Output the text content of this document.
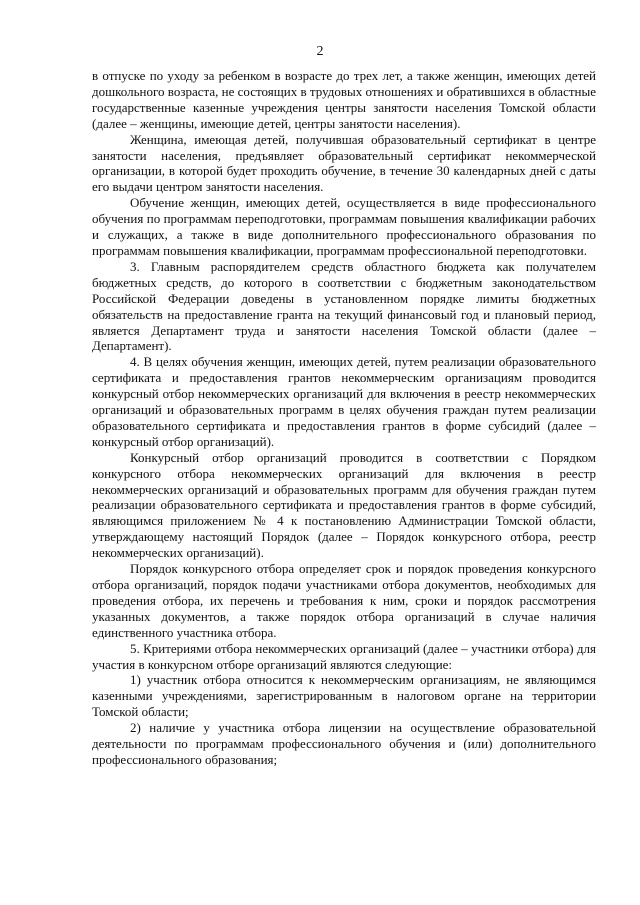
2

в отпуске по уходу за ребенком в возрасте до трех лет, а также женщин, имеющих детей дошкольного возраста, не состоящих в трудовых отношениях и обратившихся в областные государственные казенные учреждения центры занятости населения Томской области (далее – женщины, имеющие детей, центры занятости населения).

Женщина, имеющая детей, получившая образовательный сертификат в центре занятости населения, предъявляет образовательный сертификат некоммерческой организации, в которой будет проходить обучение, в течение 30 календарных дней с даты его выдачи центром занятости населения.

Обучение женщин, имеющих детей, осуществляется в виде профессионального обучения по программам переподготовки, программам повышения квалификации рабочих и служащих, а также в виде дополнительного профессионального образования по программам повышения квалификации, программам профессиональной переподготовки.

3. Главным распорядителем средств областного бюджета как получателем бюджетных средств, до которого в соответствии с бюджетным законодательством Российской Федерации доведены в установленном порядке лимиты бюджетных обязательств на предоставление гранта на текущий финансовый год и плановый период, является Департамент труда и занятости населения Томской области (далее – Департамент).

4. В целях обучения женщин, имеющих детей, путем реализации образовательного сертификата и предоставления грантов некоммерческим организациям проводится конкурсный отбор некоммерческих организаций для включения в реестр некоммерческих организаций и образовательных программ в целях обучения граждан путем реализации образовательного сертификата и предоставления грантов в форме субсидий (далее – конкурсный отбор организаций).

Конкурсный отбор организаций проводится в соответствии с Порядком конкурсного отбора некоммерческих организаций для включения в реестр некоммерческих организаций и образовательных программ для обучения граждан путем реализации образовательного сертификата и предоставления грантов в форме субсидий, являющимся приложением № 4 к постановлению Администрации Томской области, утверждающему настоящий Порядок (далее – Порядок конкурсного отбора, реестр некоммерческих организаций).

Порядок конкурсного отбора определяет срок и порядок проведения конкурсного отбора организаций, порядок подачи участниками отбора документов, необходимых для проведения отбора, их перечень и требования к ним, сроки и порядок рассмотрения указанных документов, а также порядок отбора организаций в случае наличия единственного участника отбора.

5. Критериями отбора некоммерческих организаций (далее – участники отбора) для участия в конкурсном отборе организаций являются следующие:

1) участник отбора относится к некоммерческим организациям, не являющимся казенными учреждениями, зарегистрированным в налоговом органе на территории Томской области;

2) наличие у участника отбора лицензии на осуществление образовательной деятельности по программам профессионального обучения и (или) дополнительного профессионального образования;
